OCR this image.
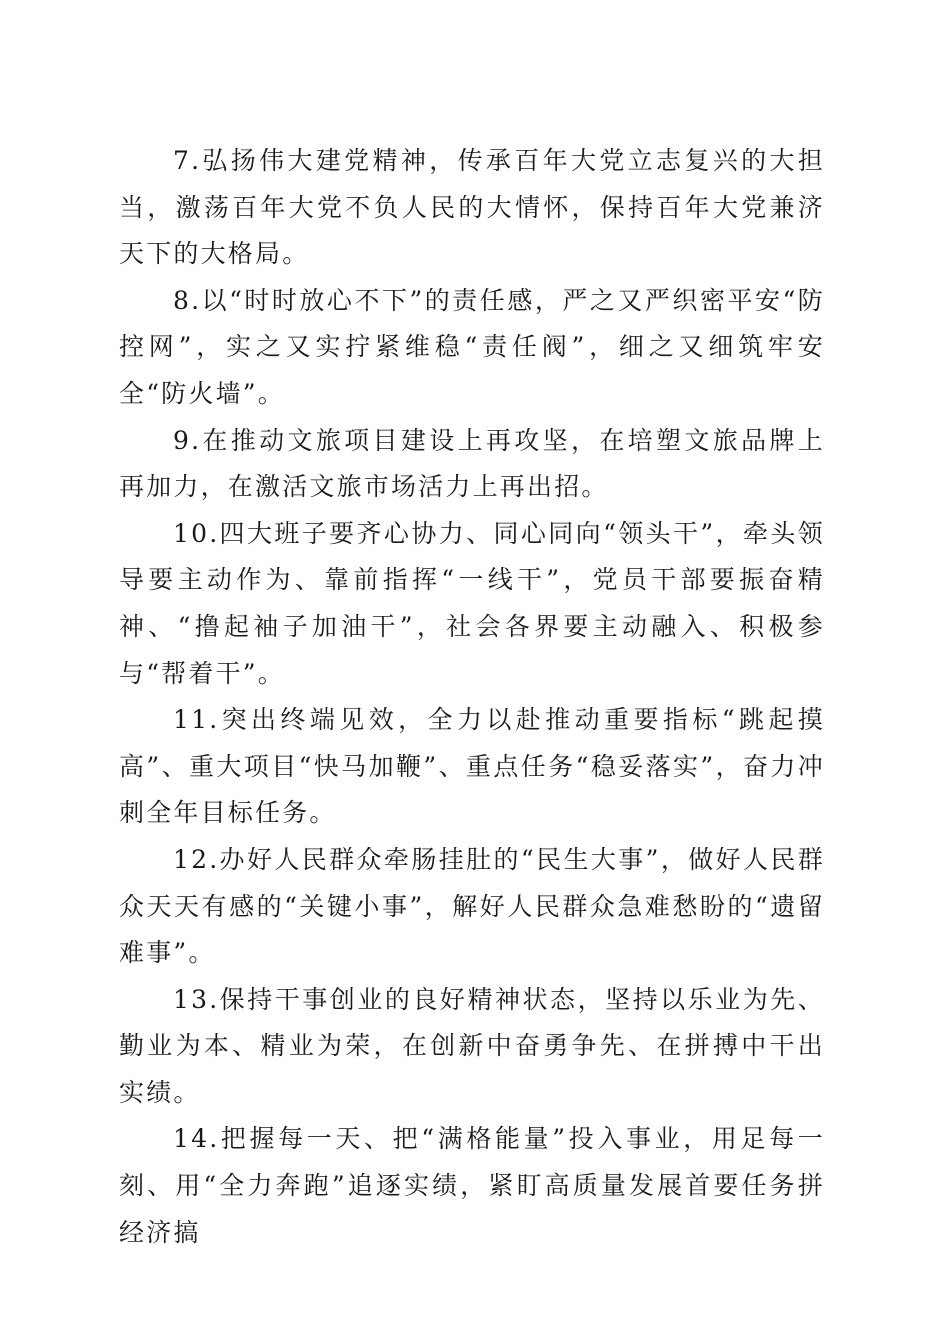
7.弘扬伟大建党精神，传承百年大党立志复兴的大担当，激荡百年大党不负人民的大情怀，保持百年大党兼济天下的大格局。

8.以“时时放心不下”的责任感，严之又严织密平安“防控网”，实之又实拧紧维稳“责任阀”，细之又细筑牢安全“防火墙”。

9.在推动文旅项目建设上再攻坚，在培塑文旅品牌上再加力，在激活文旅市场活力上再出招。

10.四大班子要齐心协力、同心同向“领头干”，牵头领导要主动作为、靠前指挥“一线干”，党员干部要振奋精神、“撸起袖子加油干”，社会各界要主动融入、积极参与“帮着干”。

11.突出终端见效，全力以赴推动重要指标“跳起摸高”、重大项目“快马加鞭”、重点任务“稳妥落实”，奋力冲刺全年目标任务。

12.办好人民群众牵肠挂肚的“民生大事”，做好人民群众天天有感的“关键小事”，解好人民群众急难愁盼的“遗留难事”。

13.保持干事创业的良好精神状态，坚持以乐业为先、勤业为本、精业为荣，在创新中奋勇争先、在拼搏中干出实绩。

14.把握每一天、把“满格能量”投入事业，用足每一刻、用“全力奔跑”追逐实绩，紧盯高质量发展首要任务拼经济搞
